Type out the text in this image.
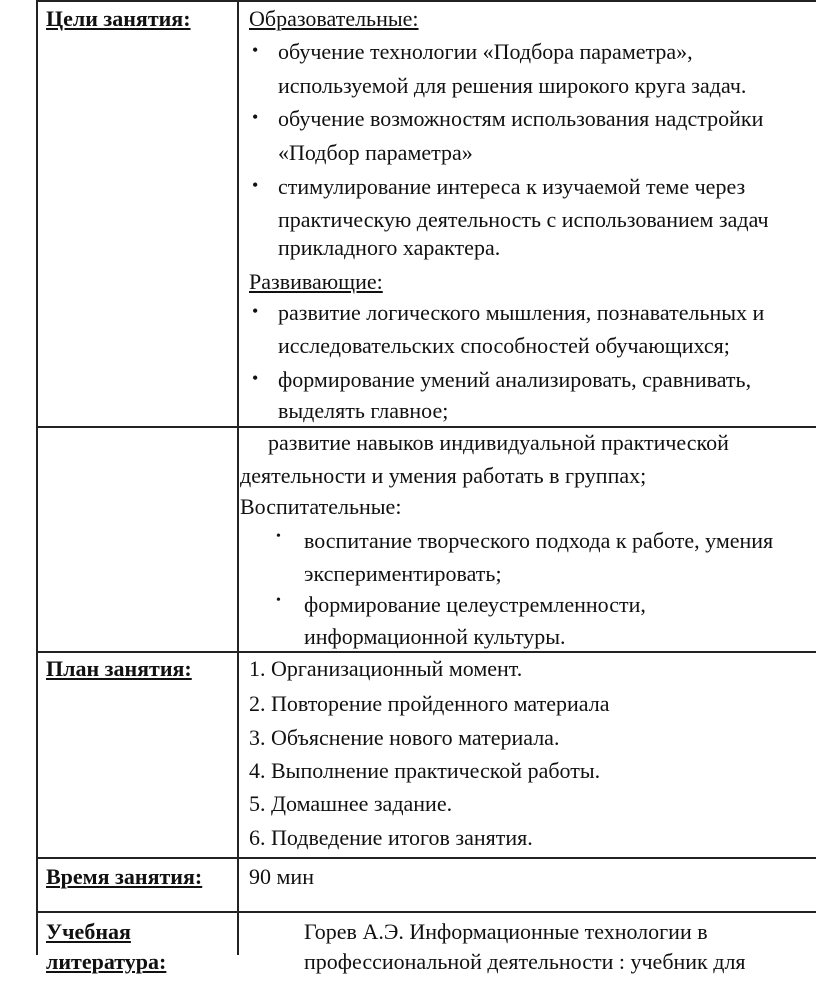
Цели занятия:	Образовательные:
• обучение технологии «Подбора параметра»,
используемой для решения широкого круга задач.
• обучение возможностям использования надстройки
«Подбор параметра»
• стимулирование интереса к изучаемой теме через
практическую деятельность с использованием задач
прикладного характера.
Развивающие:
• развитие логического мышления, познавательных и
исследовательских способностей обучающихся;
• формирование умений анализировать, сравнивать,
выделять главное;
развитие навыков индивидуальной практической
деятельности и умения работать в группах;
Воспитательные:
• воспитание творческого подхода к работе, умения
экспериментировать;
• формирование целеустремленности,
информационной культуры.
План занятия:	1. Организационный момент.
2. Повторение пройденного материала
3. Объяснение нового материала.
4. Выполнение практической работы.
5. Домашнее задание.
6. Подведение итогов занятия.
Время занятия: 90 мин
Учебная
литература:
Горев А.Э. Информационные технологии в
профессиональной деятельности : учебник для
